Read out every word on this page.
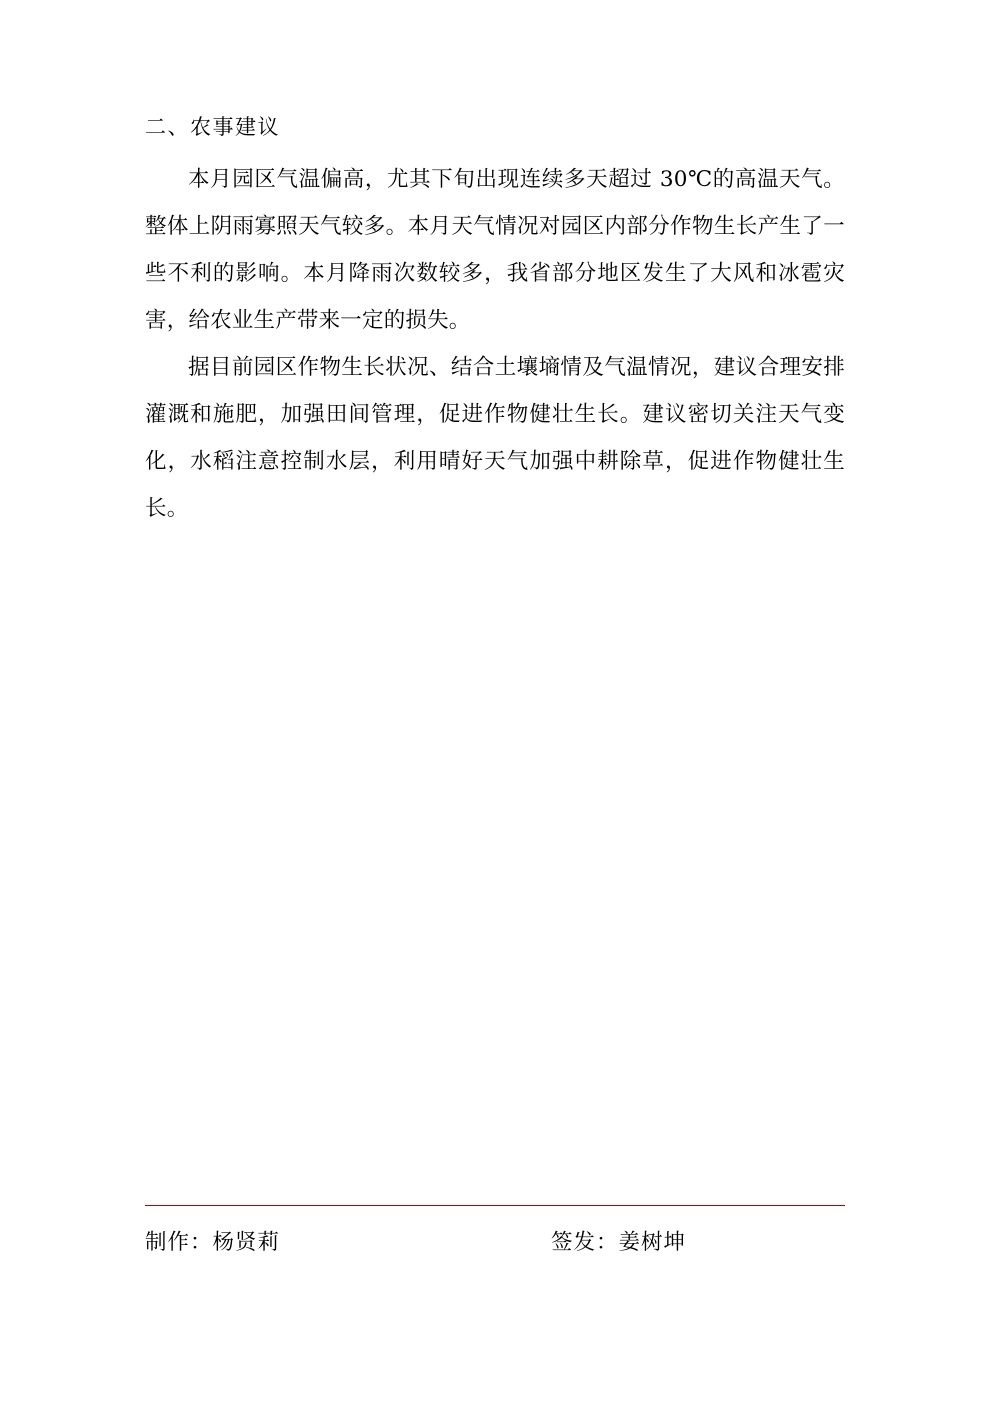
二、农事建议

本月园区气温偏高，尤其下旬出现连续多天超过 30℃的高温天气。整体上阴雨寡照天气较多。本月天气情况对园区内部分作物生长产生了一些不利的影响。本月降雨次数较多，我省部分地区发生了大风和冰雹灾害，给农业生产带来一定的损失。

据目前园区作物生长状况、结合土壤墒情及气温情况，建议合理安排灌溉和施肥，加强田间管理，促进作物健壮生长。建议密切关注天气变化，水稻注意控制水层，利用晴好天气加强中耕除草，促进作物健壮生长。

制作：杨贤莉	签发：姜树坤
